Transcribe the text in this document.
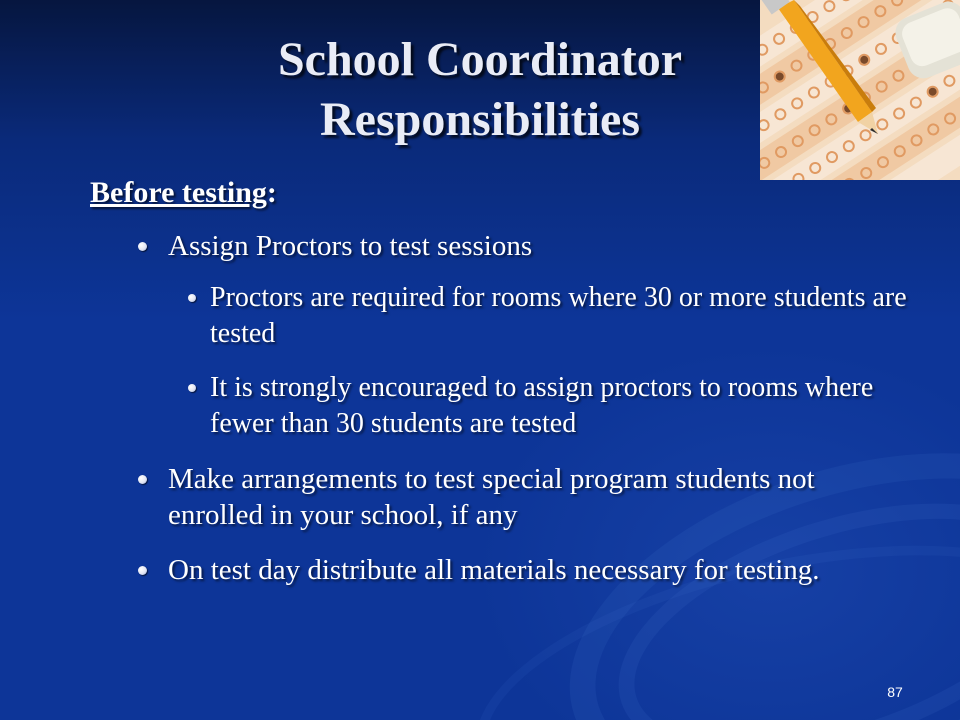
School Coordinator
Responsibilities
Before testing:
Assign Proctors to test sessions
Proctors are required for rooms where 30 or more students are tested
It is strongly encouraged to assign proctors to rooms where fewer than 30 students are tested
Make arrangements to test special program students not enrolled in your school, if any
On test day distribute all materials necessary for testing.
87
